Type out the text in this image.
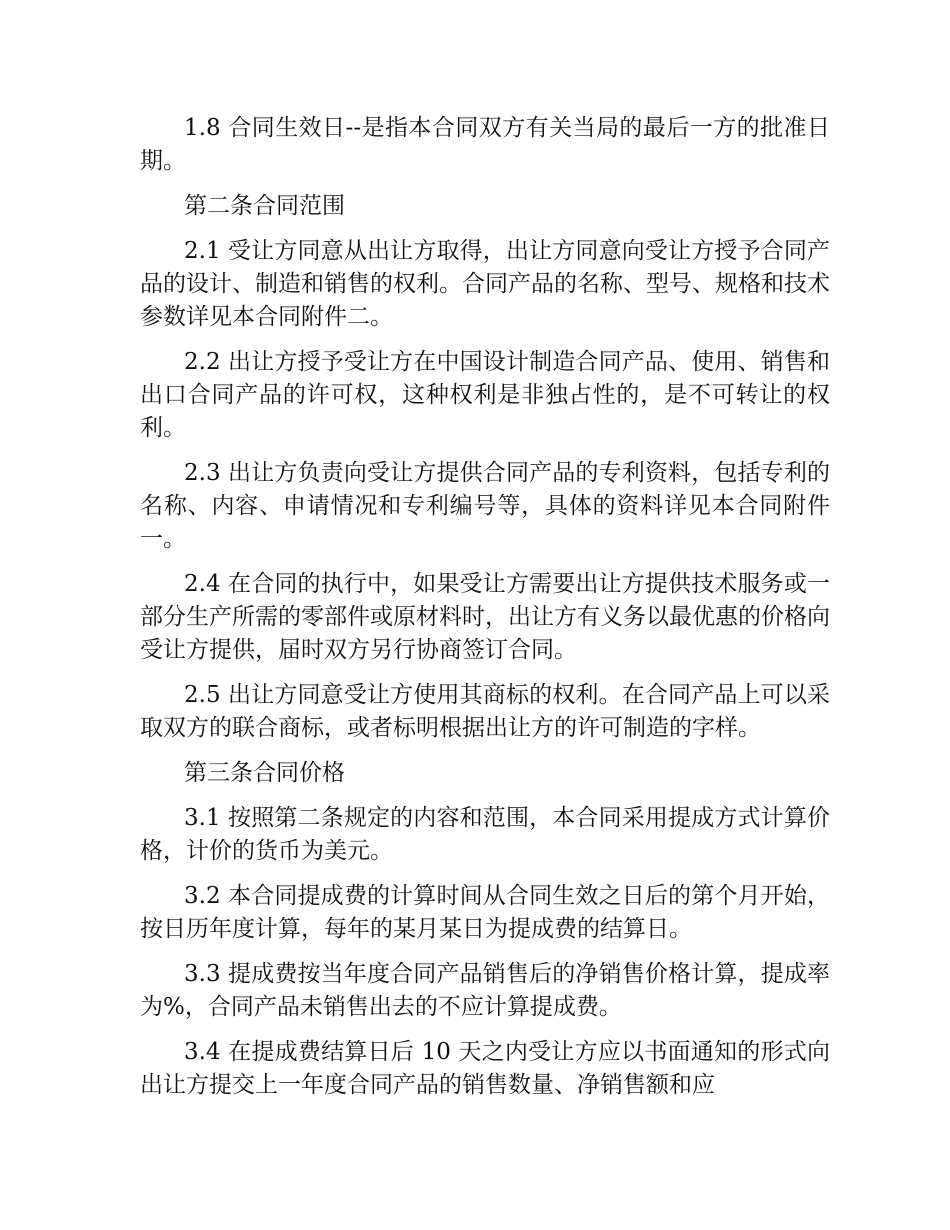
1.8 合同生效日--是指本合同双方有关当局的最后一方的批准日期。

第二条合同范围

2.1 受让方同意从出让方取得，出让方同意向受让方授予合同产品的设计、制造和销售的权利。合同产品的名称、型号、规格和技术参数详见本合同附件二。

2.2 出让方授予受让方在中国设计制造合同产品、使用、销售和出口合同产品的许可权，这种权利是非独占性的，是不可转让的权利。

2.3 出让方负责向受让方提供合同产品的专利资料，包括专利的名称、内容、申请情况和专利编号等，具体的资料详见本合同附件一。

2.4 在合同的执行中，如果受让方需要出让方提供技术服务或一部分生产所需的零部件或原材料时，出让方有义务以最优惠的价格向受让方提供，届时双方另行协商签订合同。

2.5 出让方同意受让方使用其商标的权利。在合同产品上可以采取双方的联合商标，或者标明根据出让方的许可制造的字样。

第三条合同价格

3.1 按照第二条规定的内容和范围，本合同采用提成方式计算价格，计价的货币为美元。

3.2 本合同提成费的计算时间从合同生效之日后的第个月开始，按日历年度计算，每年的某月某日为提成费的结算日。

3.3 提成费按当年度合同产品销售后的净销售价格计算，提成率为%，合同产品未销售出去的不应计算提成费。

3.4 在提成费结算日后 10 天之内受让方应以书面通知的形式向出让方提交上一年度合同产品的销售数量、净销售额和应
